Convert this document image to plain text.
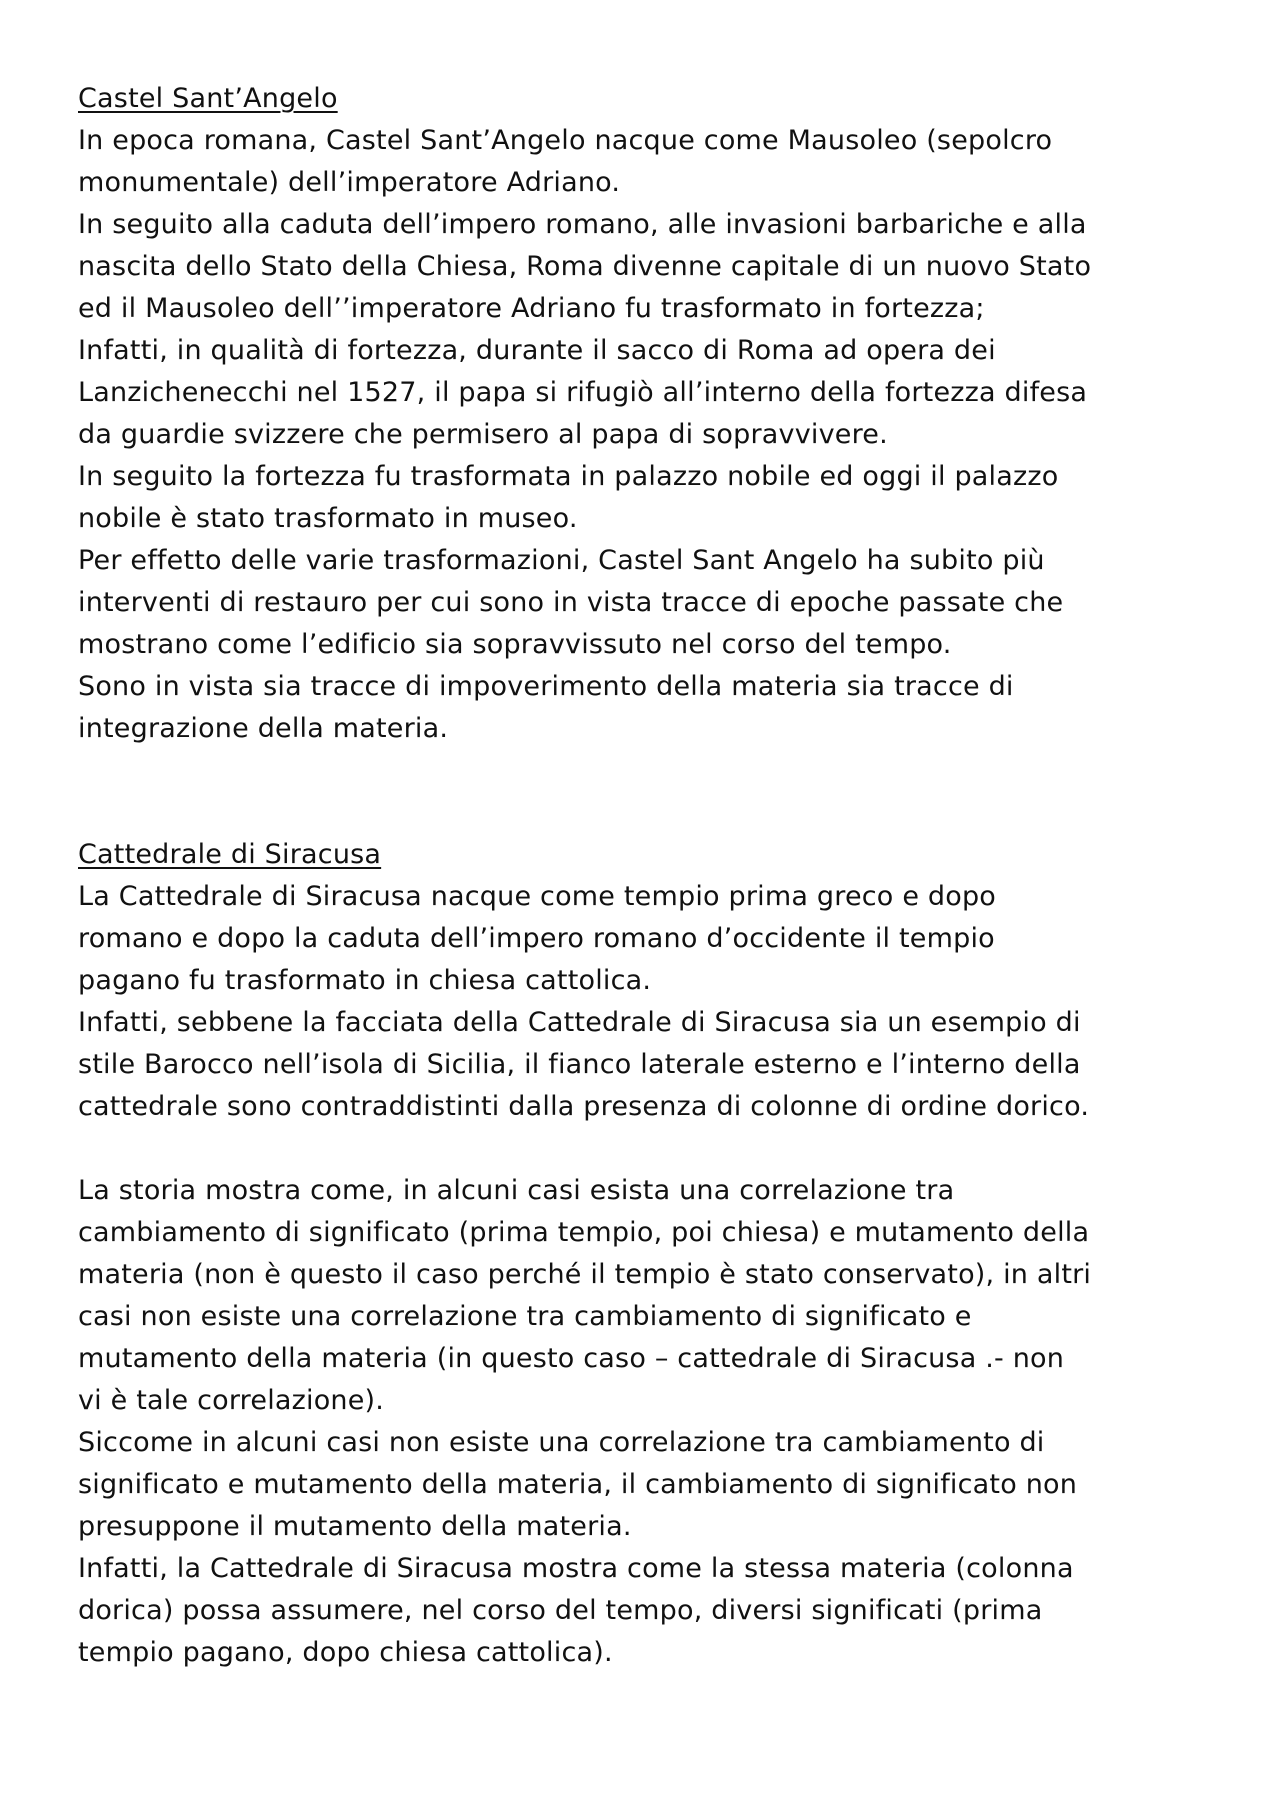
Castel Sant’Angelo
In epoca romana, Castel Sant’Angelo nacque come Mausoleo (sepolcro
monumentale) dell’imperatore Adriano.
In seguito alla caduta dell’impero romano, alle invasioni barbariche e alla
nascita dello Stato della Chiesa, Roma divenne capitale di un nuovo Stato
ed il Mausoleo dell’’imperatore Adriano fu trasformato in fortezza;
Infatti, in qualità di fortezza, durante il sacco di Roma ad opera dei
Lanzichenecchi nel 1527, il papa si rifugiò all’interno della fortezza difesa
da guardie svizzere che permisero al papa di sopravvivere.
In seguito la fortezza fu trasformata in palazzo nobile ed oggi il palazzo
nobile è stato trasformato in museo.
Per effetto delle varie trasformazioni, Castel Sant Angelo ha subito più
interventi di restauro per cui sono in vista tracce di epoche passate che
mostrano come l’edificio sia sopravvissuto nel corso del tempo.
Sono in vista sia tracce di impoverimento della materia sia tracce di
integrazione della materia.
Cattedrale di Siracusa
La Cattedrale di Siracusa nacque come tempio prima greco e dopo
romano e dopo la caduta dell’impero romano d’occidente il tempio
pagano fu trasformato in chiesa cattolica.
Infatti, sebbene la facciata della Cattedrale di Siracusa sia un esempio di
stile Barocco nell’isola di Sicilia, il fianco laterale esterno e l’interno della
cattedrale sono contraddistinti dalla presenza di colonne di ordine dorico.
La storia mostra come, in alcuni casi esista una correlazione tra
cambiamento di significato (prima tempio, poi chiesa) e mutamento della
materia (non è questo il caso perché il tempio è stato conservato), in altri
casi non esiste una correlazione tra cambiamento di significato e
mutamento della materia (in questo caso – cattedrale di Siracusa .- non
vi è tale correlazione).
Siccome in alcuni casi non esiste una correlazione tra cambiamento di
significato e mutamento della materia, il cambiamento di significato non
presuppone il mutamento della materia.
Infatti, la Cattedrale di Siracusa mostra come la stessa materia (colonna
dorica) possa assumere, nel corso del tempo, diversi significati (prima
tempio pagano, dopo chiesa cattolica).
